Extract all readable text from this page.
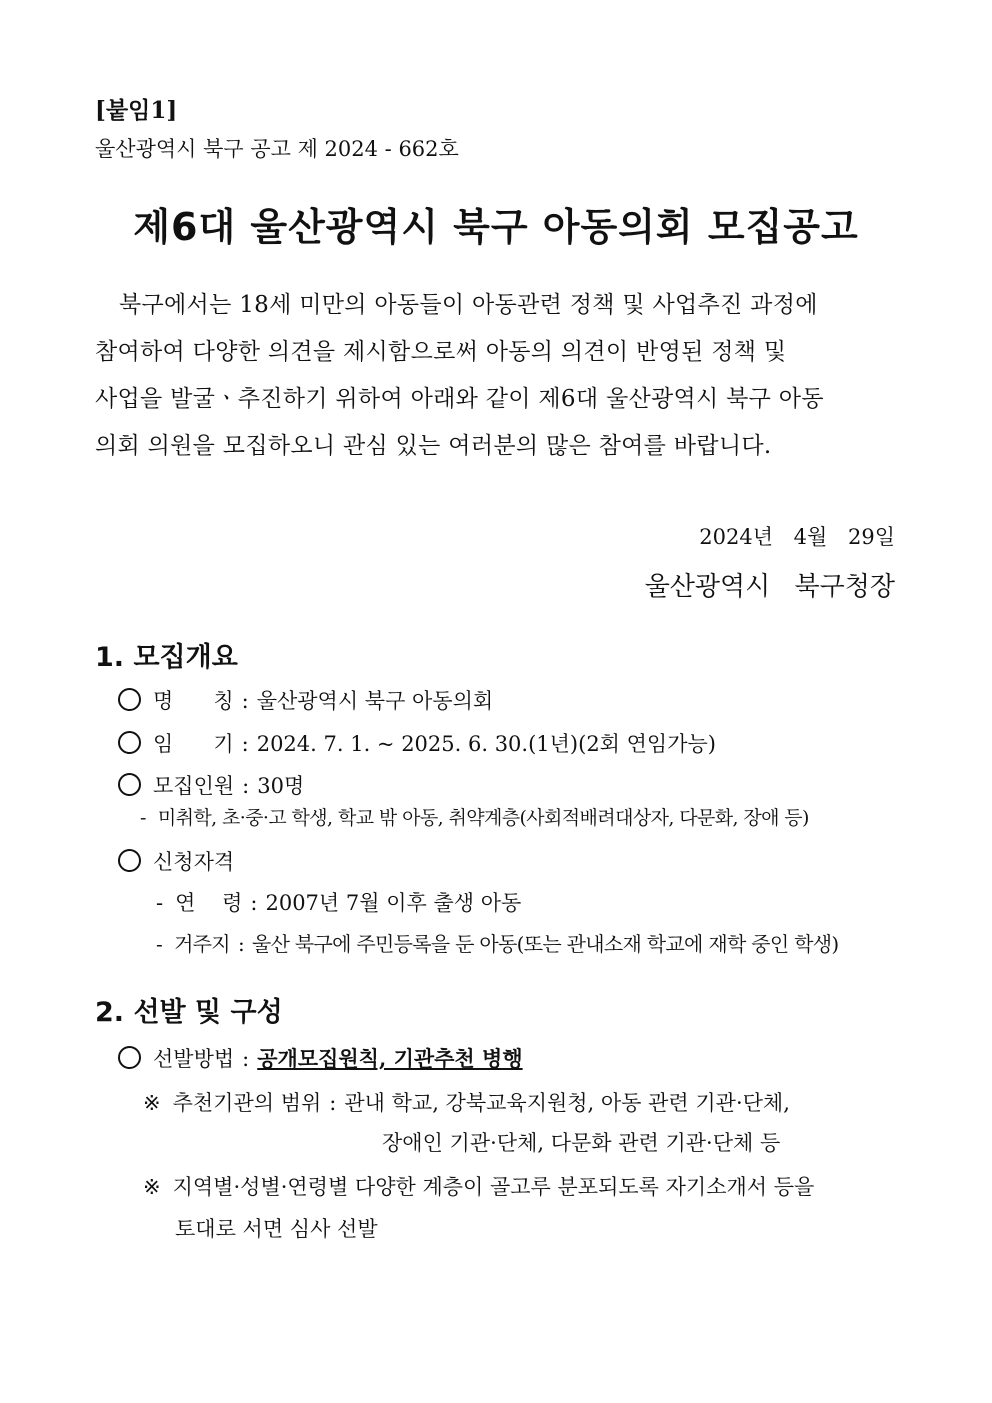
[붙임1]
울산광역시 북구 공고 제 2024 - 662호
제6대 울산광역시 북구 아동의회 모집공고
북구에서는 18세 미만의 아동들이 아동관련 정책 및 사업추진 과정에
참여하여 다양한 의견을 제시함으로써 아동의 의견이 반영된 정책 및
사업을 발굴ㆍ추진하기 위하여 아래와 같이 제6대 울산광역시 북구 아동
의회 의원을 모집하오니 관심 있는 여러분의 많은 참여를 바랍니다.
2024년 4월 29일
울산광역시 북구청장
1. 모집개요
명      칭 : 울산광역시 북구 아동의회
임      기 : 2024. 7. 1. ~ 2025. 6. 30.(1년)(2회 연임가능)
모집인원 : 30명
- 미취학, 초·중·고 학생, 학교 밖 아동, 취약계층(사회적배려대상자, 다문화, 장애 등)
신청자격
- 연    령 : 2007년 7월 이후 출생 아동
- 거주지 : 울산 북구에 주민등록을 둔 아동(또는 관내소재 학교에 재학 중인 학생)
2. 선발 및 구성
선발방법 : 공개모집원칙, 기관추천 병행
※ 추천기관의 범위 : 관내 학교, 강북교육지원청, 아동 관련 기관·단체,
장애인 기관·단체, 다문화 관련 기관·단체 등
※ 지역별·성별·연령별 다양한 계층이 골고루 분포되도록 자기소개서 등을
토대로 서면 심사 선발
